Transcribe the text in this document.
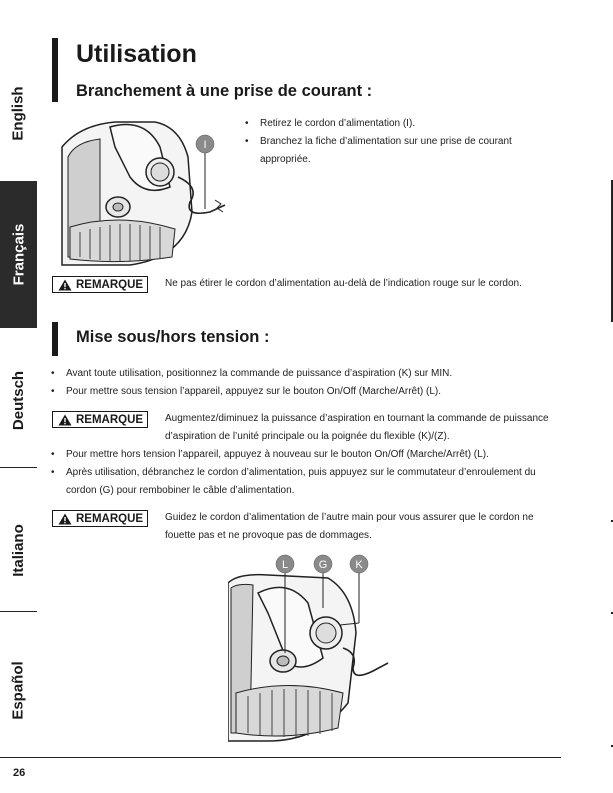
English
Français
Deutsch
Italiano
Español
Utilisation
Branchement à une prise de courant :
I
• Retirez le cordon d’alimentation (I).
• Branchez la fiche d’alimentation sur une prise de courant appropriée.
REMARQUE Ne pas étirer le cordon d’alimentation au-delà de l’indication rouge sur le cordon.
Mise sous/hors tension :
• Avant toute utilisation, positionnez la commande de puissance d’aspiration (K) sur MIN.
• Pour mettre sous tension l’appareil, appuyez sur le bouton On/Off (Marche/Arrêt) (L).
REMARQUE Augmentez/diminuez la puissance d’aspiration en tournant la commande de puissance d’aspiration de l’unité principale ou la poignée du flexible (K)/(Z).
• Pour mettre hors tension l’appareil, appuyez à nouveau sur le bouton On/Off (Marche/Arrêt) (L).
• Après utilisation, débranchez le cordon d’alimentation, puis appuyez sur le commutateur d’enroulement du cordon (G) pour rembobiner le câble d’alimentation.
REMARQUE Guidez le cordon d’alimentation de l’autre main pour vous assurer que le cordon ne fouette pas et ne provoque pas de dommages.
L	G	K
26
